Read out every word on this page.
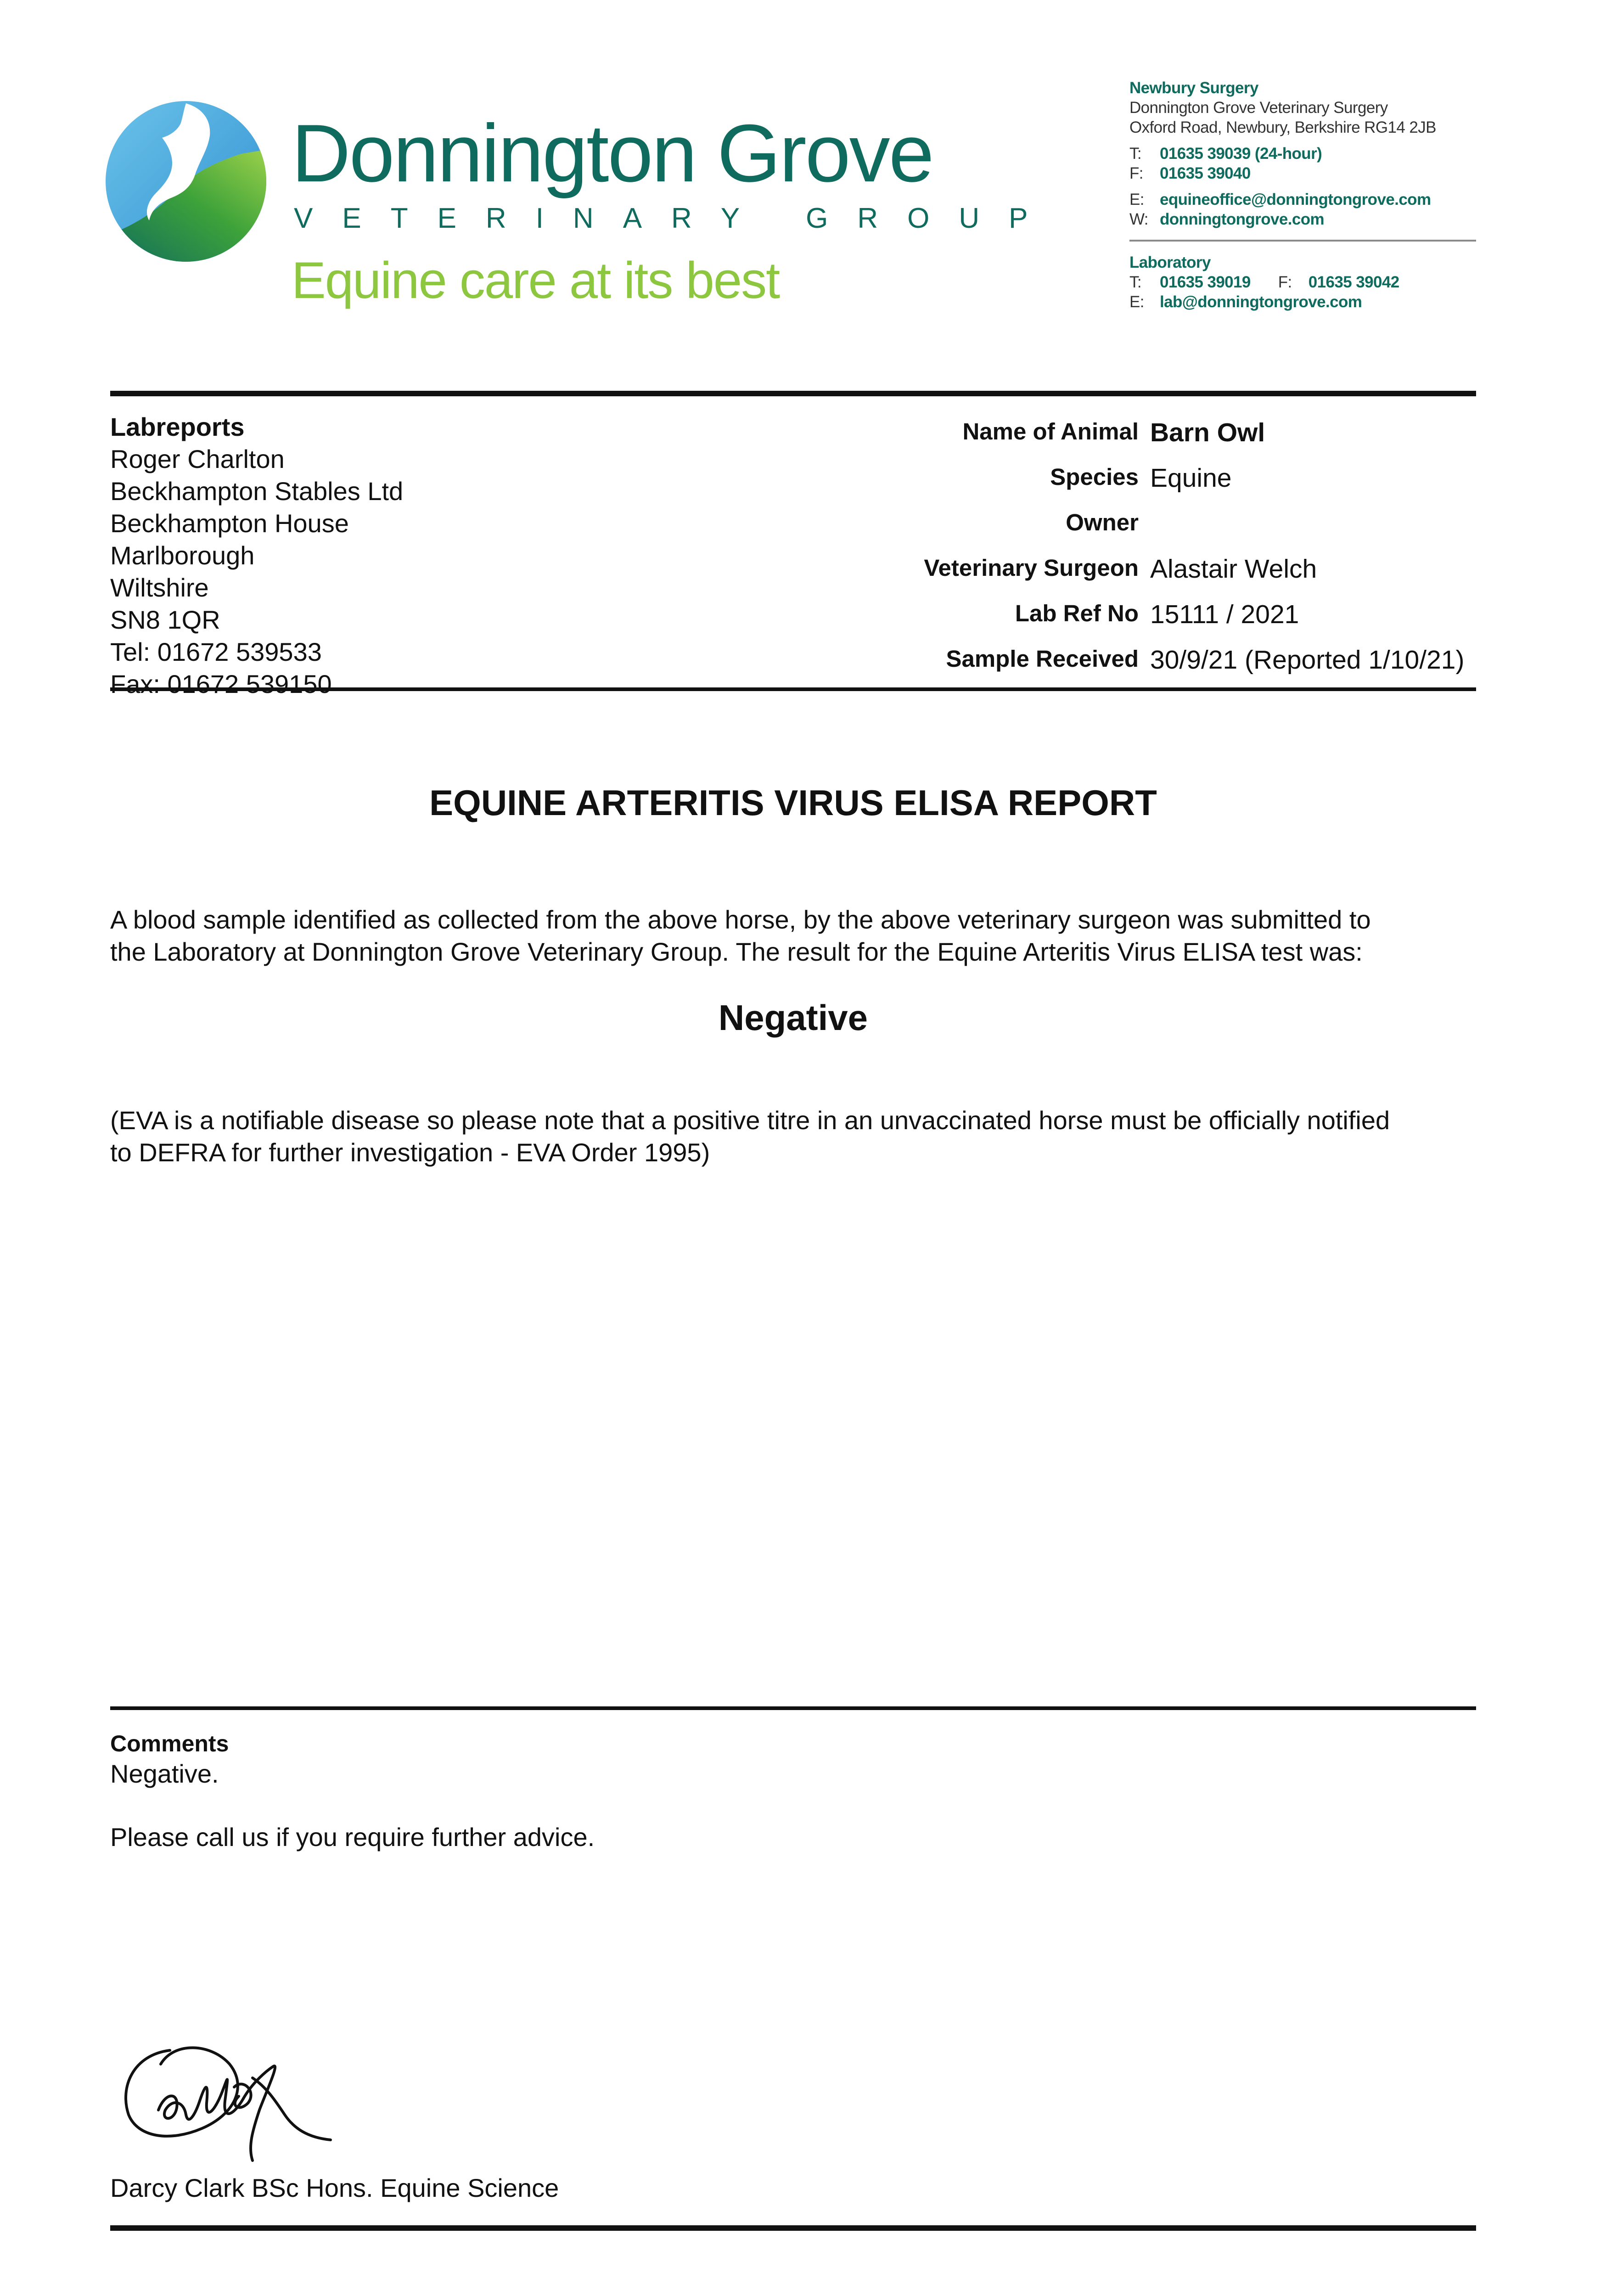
Donnington Grove
VETERINARY GROUP
Equine care at its best
Newbury Surgery
Donnington Grove Veterinary Surgery
Oxford Road, Newbury, Berkshire RG14 2JB
T: 01635 39039 (24-hour)
F: 01635 39040
E: equineoffice@donningtongrove.com
W: donningtongrove.com
Laboratory
T: 01635 39019 F: 01635 39042
E: lab@donningtongrove.com
Labreports
Roger Charlton
Beckhampton Stables Ltd
Beckhampton House
Marlborough
Wiltshire
SN8 1QR
Tel: 01672 539533
Fax: 01672 539150
Name of Animal Barn Owl
Species Equine
Owner
Veterinary Surgeon Alastair Welch
Lab Ref No 15111 / 2021
Sample Received 30/9/21 (Reported 1/10/21)
EQUINE ARTERITIS VIRUS ELISA REPORT
A blood sample identified as collected from the above horse, by the above veterinary surgeon was submitted to
the Laboratory at Donnington Grove Veterinary Group. The result for the Equine Arteritis Virus ELISA test was:
Negative
(EVA is a notifiable disease so please note that a positive titre in an unvaccinated horse must be officially notified
to DEFRA for further investigation - EVA Order 1995)
Comments
Negative.
Please call us if you require further advice.
Darcy Clark BSc Hons. Equine Science
